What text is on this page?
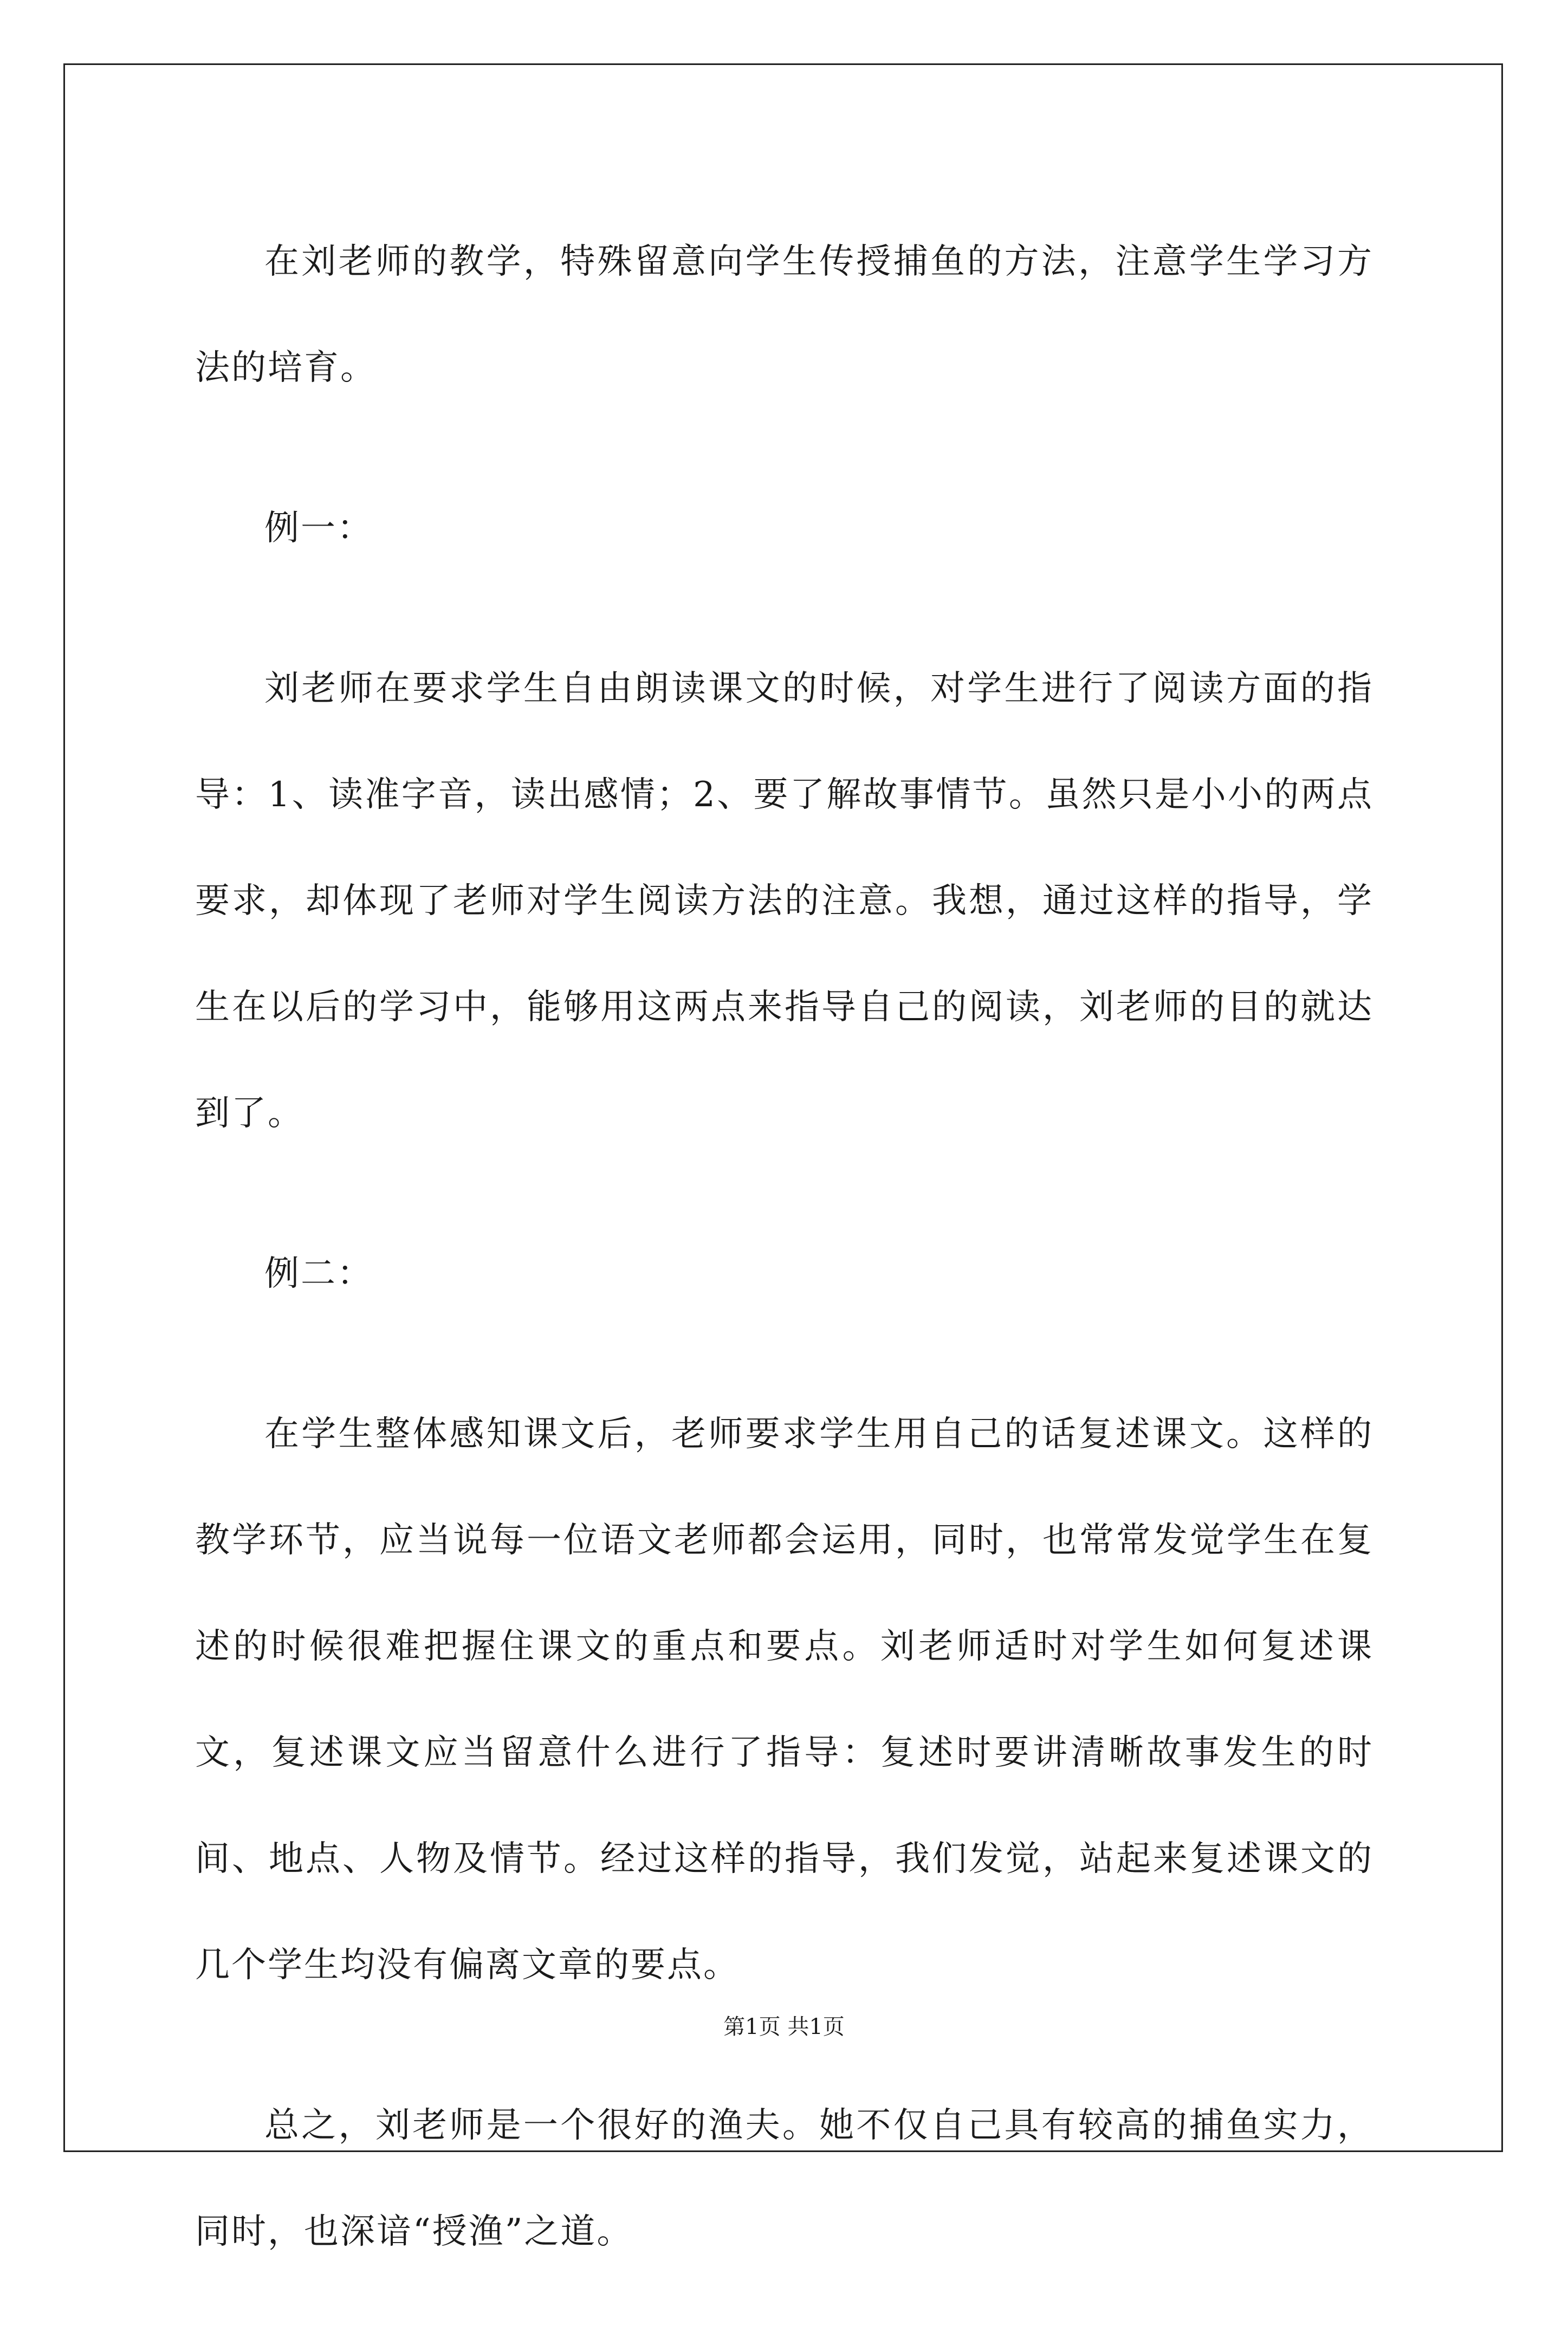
在刘老师的教学，特殊留意向学生传授捕鱼的方法，注意学生学习方法的培育。

例一：

刘老师在要求学生自由朗读课文的时候，对学生进行了阅读方面的指导：1、读准字音，读出感情；2、要了解故事情节。虽然只是小小的两点要求，却体现了老师对学生阅读方法的注意。我想，通过这样的指导，学生在以后的学习中，能够用这两点来指导自己的阅读，刘老师的目的就达到了。

例二：

在学生整体感知课文后，老师要求学生用自己的话复述课文。这样的教学环节，应当说每一位语文老师都会运用，同时，也常常发觉学生在复述的时候很难把握住课文的重点和要点。刘老师适时对学生如何复述课文，复述课文应当留意什么进行了指导：复述时要讲清晰故事发生的时间、地点、人物及情节。经过这样的指导，我们发觉，站起来复述课文的几个学生均没有偏离文章的要点。

总之，刘老师是一个很好的渔夫。她不仅自己具有较高的捕鱼实力，同时，也深谙“授渔”之道。

第1页 共1页
